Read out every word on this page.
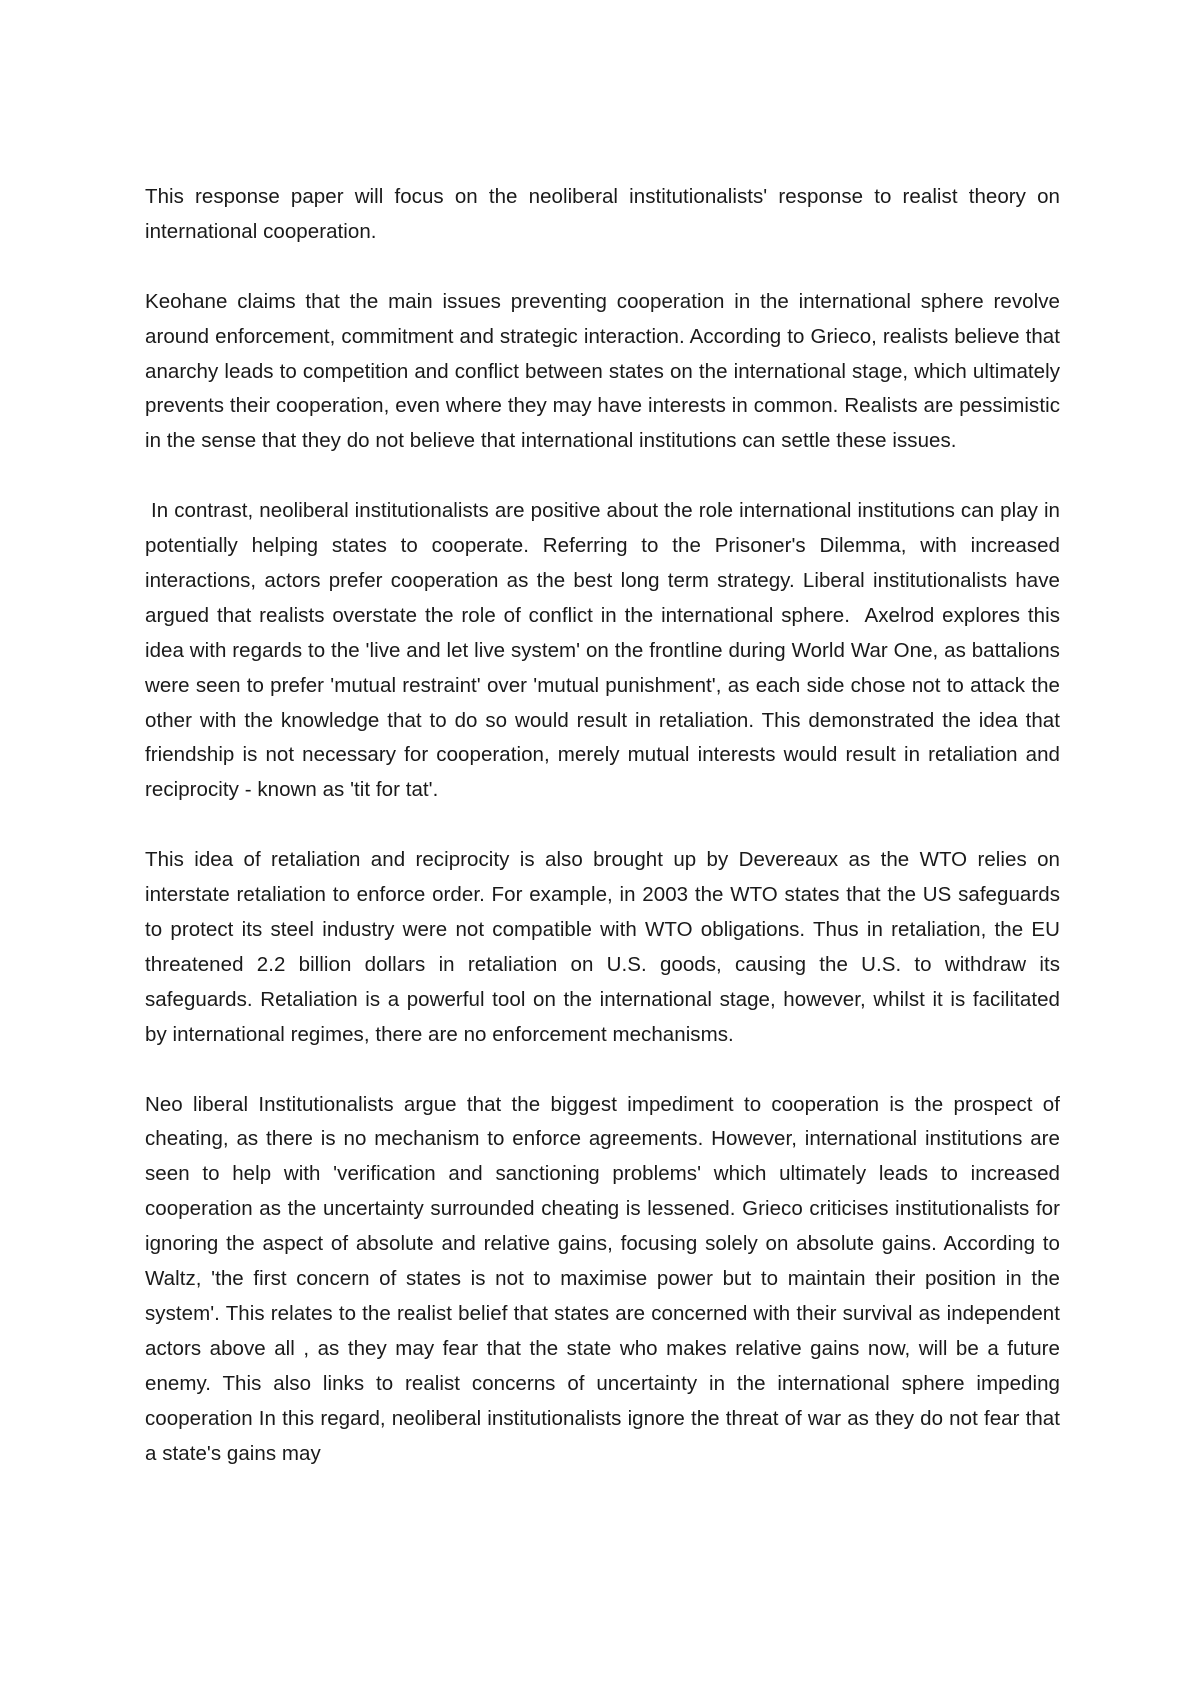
This response paper will focus on the neoliberal institutionalists' response to realist theory on international cooperation.

Keohane claims that the main issues preventing cooperation in the international sphere revolve around enforcement, commitment and strategic interaction. According to Grieco, realists believe that anarchy leads to competition and conflict between states on the international stage, which ultimately prevents their cooperation, even where they may have interests in common. Realists are pessimistic in the sense that they do not believe that international institutions can settle these issues.

In contrast, neoliberal institutionalists are positive about the role international institutions can play in potentially helping states to cooperate. Referring to the Prisoner's Dilemma, with increased interactions, actors prefer cooperation as the best long term strategy. Liberal institutionalists have argued that realists overstate the role of conflict in the international sphere.  Axelrod explores this idea with regards to the 'live and let live system' on the frontline during World War One, as battalions were seen to prefer 'mutual restraint' over 'mutual punishment', as each side chose not to attack the other with the knowledge that to do so would result in retaliation. This demonstrated the idea that friendship is not necessary for cooperation, merely mutual interests would result in retaliation and reciprocity - known as 'tit for tat'.

This idea of retaliation and reciprocity is also brought up by Devereaux as the WTO relies on interstate retaliation to enforce order. For example, in 2003 the WTO states that the US safeguards to protect its steel industry were not compatible with WTO obligations. Thus in retaliation, the EU threatened 2.2 billion dollars in retaliation on U.S. goods, causing the U.S. to withdraw its safeguards. Retaliation is a powerful tool on the international stage, however, whilst it is facilitated by international regimes, there are no enforcement mechanisms.

Neo liberal Institutionalists argue that the biggest impediment to cooperation is the prospect of cheating, as there is no mechanism to enforce agreements. However, international institutions are seen to help with 'verification and sanctioning problems' which ultimately leads to increased cooperation as the uncertainty surrounded cheating is lessened. Grieco criticises institutionalists for ignoring the aspect of absolute and relative gains, focusing solely on absolute gains. According to Waltz, 'the first concern of states is not to maximise power but to maintain their position in the system'. This relates to the realist belief that states are concerned with their survival as independent actors above all , as they may fear that the state who makes relative gains now, will be a future enemy. This also links to realist concerns of uncertainty in the international sphere impeding cooperation In this regard, neoliberal institutionalists ignore the threat of war as they do not fear that a state's gains may
